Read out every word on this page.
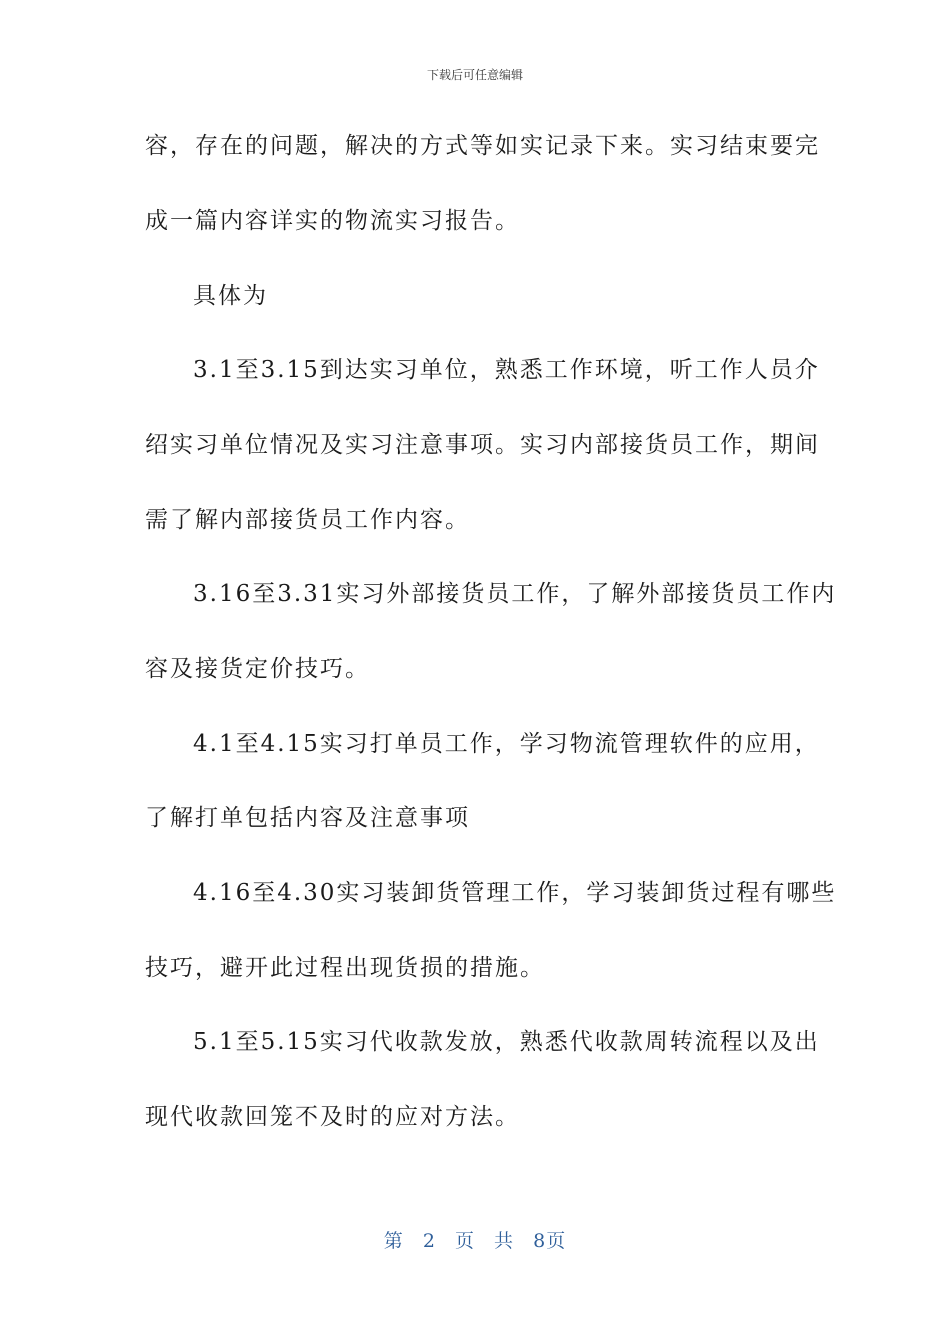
下载后可任意编辑
容，存在的问题，解决的方式等如实记录下来。实习结束要完
成一篇内容详实的物流实习报告。
具体为
3.1至3.15到达实习单位，熟悉工作环境，听工作人员介
绍实习单位情况及实习注意事项。实习内部接货员工作，期间
需了解内部接货员工作内容。
3.16至3.31实习外部接货员工作，了解外部接货员工作内
容及接货定价技巧。
4.1至4.15实习打单员工作，学习物流管理软件的应用，
了解打单包括内容及注意事项
4.16至4.30实习装卸货管理工作，学习装卸货过程有哪些
技巧，避开此过程出现货损的措施。
5.1至5.15实习代收款发放，熟悉代收款周转流程以及出
现代收款回笼不及时的应对方法。
第 2 页 共 8页
